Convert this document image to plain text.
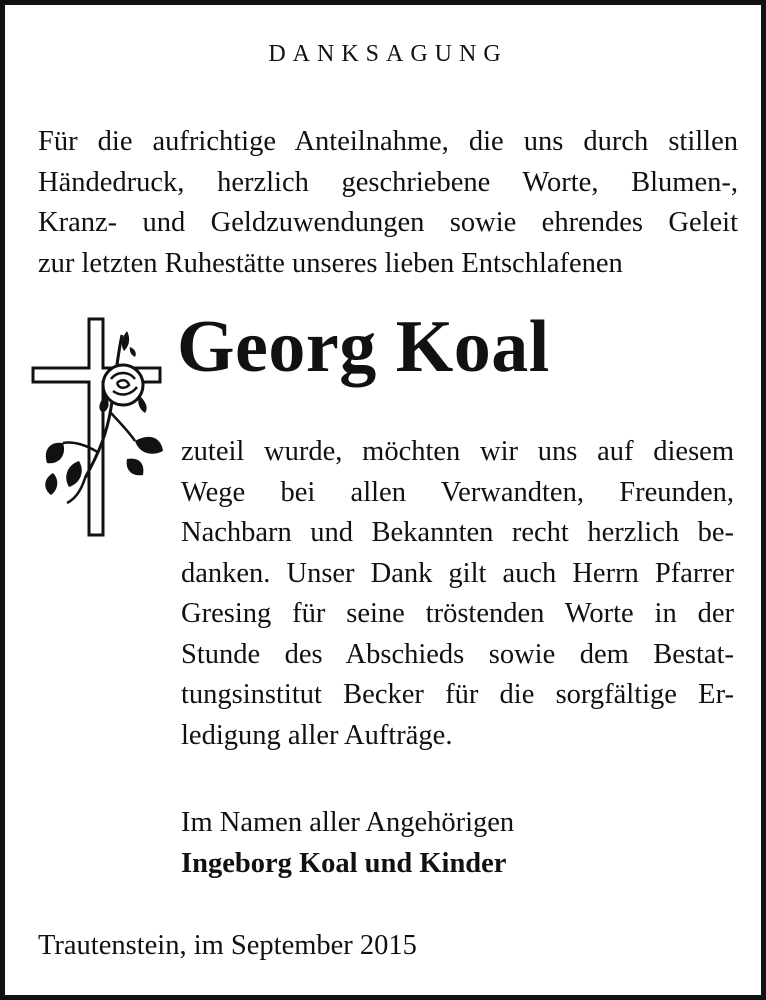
DANKSAGUNG
Für die aufrichtige Anteilnahme, die uns durch stillen
Händedruck, herzlich geschriebene Worte, Blumen-,
Kranz- und Geldzuwendungen sowie ehrendes Geleit
zur letzten Ruhestätte unseres lieben Entschlafenen
Georg Koal
zuteil wurde, möchten wir uns auf diesem
Wege bei allen Verwandten, Freunden,
Nachbarn und Bekannten recht herzlich be-
danken. Unser Dank gilt auch Herrn Pfarrer
Gresing für seine tröstenden Worte in der
Stunde des Abschieds sowie dem Bestat-
tungsinstitut Becker für die sorgfältige Er-
ledigung aller Aufträge.
Im Namen aller Angehörigen
Ingeborg Koal und Kinder
Trautenstein, im September 2015
